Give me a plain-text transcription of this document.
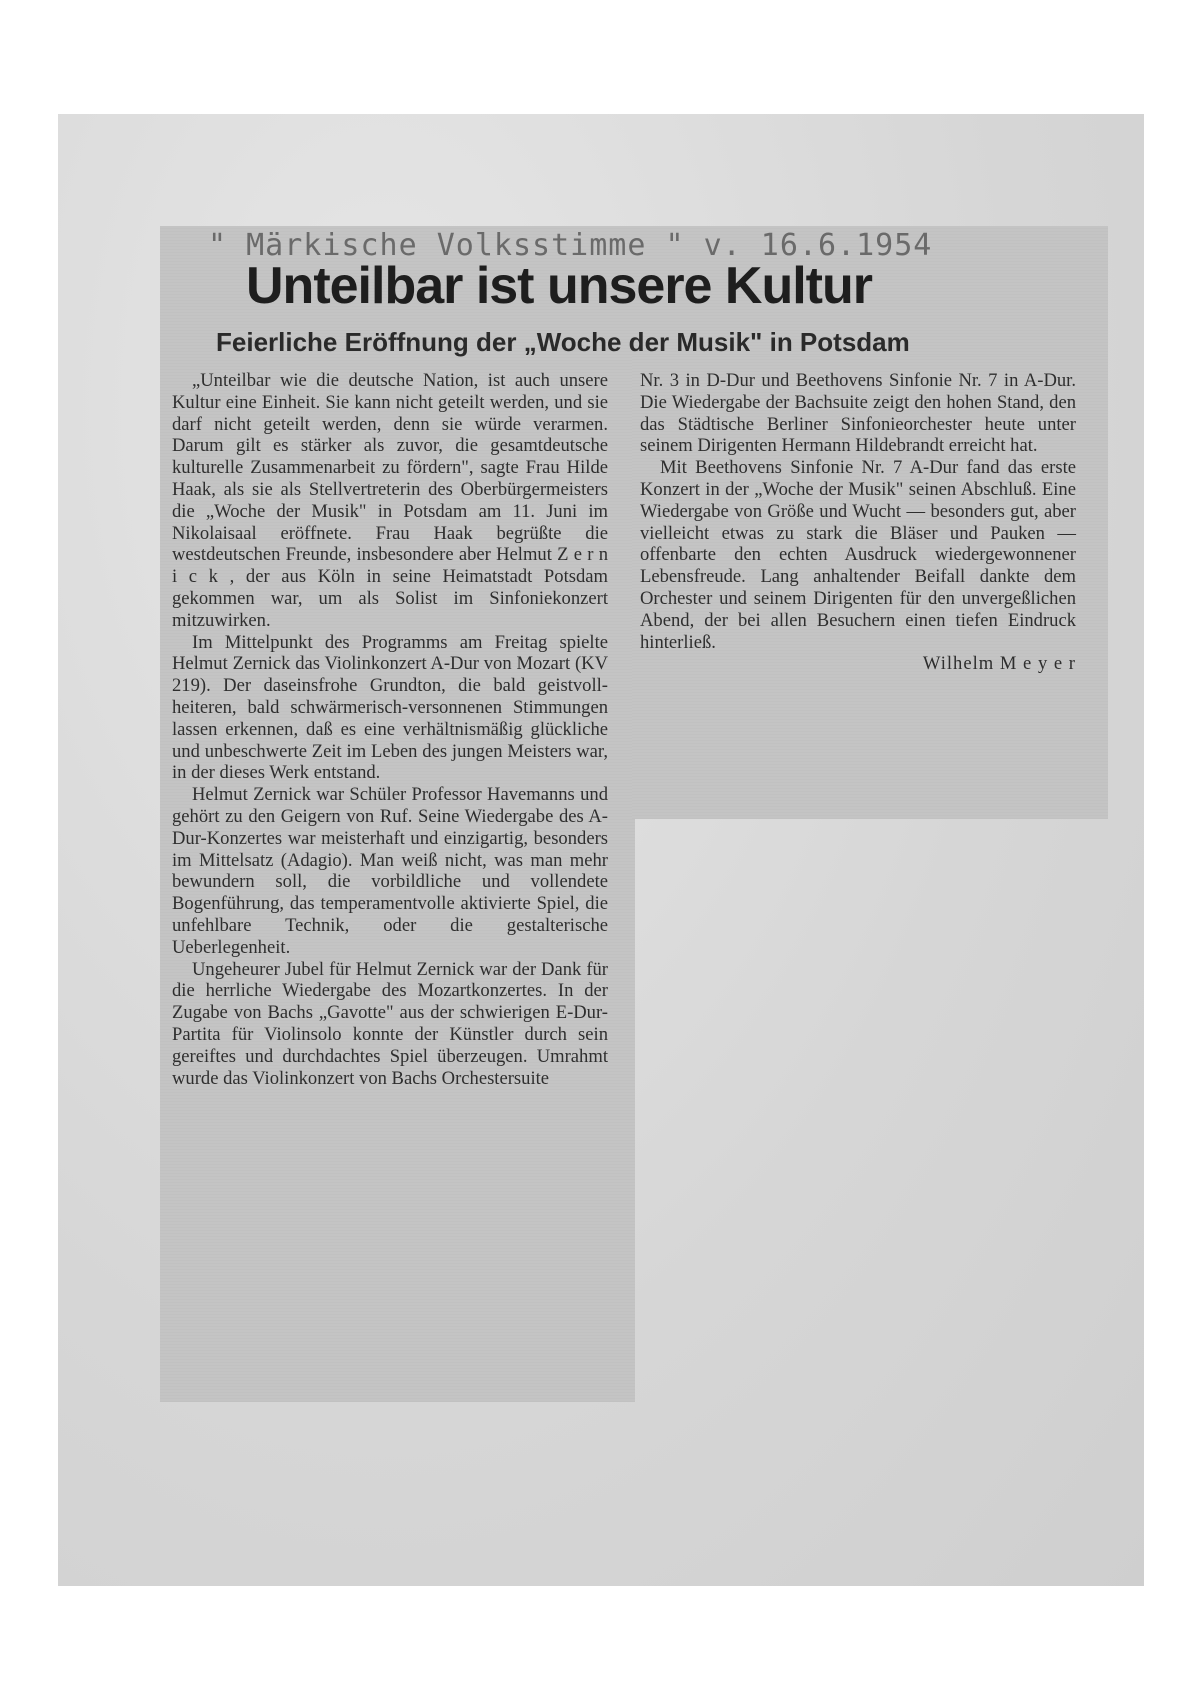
" Märkische Volksstimme " v. 16.6.1954
Unteilbar ist unsere Kultur
Feierliche Eröffnung der „Woche der Musik" in Potsdam

„Unteilbar wie die deutsche Nation, ist auch unsere Kultur eine Einheit. Sie kann nicht geteilt werden, und sie darf nicht geteilt werden, denn sie würde verarmen. Darum gilt es stärker als zuvor, die gesamtdeutsche kulturelle Zusammenarbeit zu fördern", sagte Frau Hilde Haak, als sie als Stellvertreterin des Oberbürgermeisters die „Woche der Musik" in Potsdam am 11. Juni im Nikolaisaal eröffnete. Frau Haak begrüßte die westdeutschen Freunde, insbesondere aber Helmut Z e r n i c k , der aus Köln in seine Heimatstadt Potsdam gekommen war, um als Solist im Sinfoniekonzert mitzuwirken.

Im Mittelpunkt des Programms am Freitag spielte Helmut Zernick das Violinkonzert A-Dur von Mozart (KV 219). Der daseinsfrohe Grundton, die bald geistvoll-heiteren, bald schwärmerisch-versonnenen Stimmungen lassen erkennen, daß es eine verhältnismäßig glückliche und unbeschwerte Zeit im Leben des jungen Meisters war, in der dieses Werk entstand.

Helmut Zernick war Schüler Professor Havemanns und gehört zu den Geigern von Ruf. Seine Wiedergabe des A-Dur-Konzertes war meisterhaft und einzigartig, besonders im Mittelsatz (Adagio). Man weiß nicht, was man mehr bewundern soll, die vorbildliche und vollendete Bogenführung, das temperamentvolle aktivierte Spiel, die unfehlbare Technik, oder die gestalterische Ueberlegenheit.

Ungeheurer Jubel für Helmut Zernick war der Dank für die herrliche Wiedergabe des Mozartkonzertes. In der Zugabe von Bachs „Gavotte" aus der schwierigen E-Dur-Partita für Violinsolo konnte der Künstler durch sein gereiftes und durchdachtes Spiel überzeugen. Umrahmt wurde das Violinkonzert von Bachs Orchestersuite

Nr. 3 in D-Dur und Beethovens Sinfonie Nr. 7 in A-Dur. Die Wiedergabe der Bachsuite zeigt den hohen Stand, den das Städtische Berliner Sinfonieorchester heute unter seinem Dirigenten Hermann Hildebrandt erreicht hat.

Mit Beethovens Sinfonie Nr. 7 A-Dur fand das erste Konzert in der „Woche der Musik" seinen Abschluß. Eine Wiedergabe von Größe und Wucht — besonders gut, aber vielleicht etwas zu stark die Bläser und Pauken — offenbarte den echten Ausdruck wiedergewonnener Lebensfreude. Lang anhaltender Beifall dankte dem Orchester und seinem Dirigenten für den unvergeßlichen Abend, der bei allen Besuchern einen tiefen Eindruck hinterließ.

Wilhelm M e y e r
